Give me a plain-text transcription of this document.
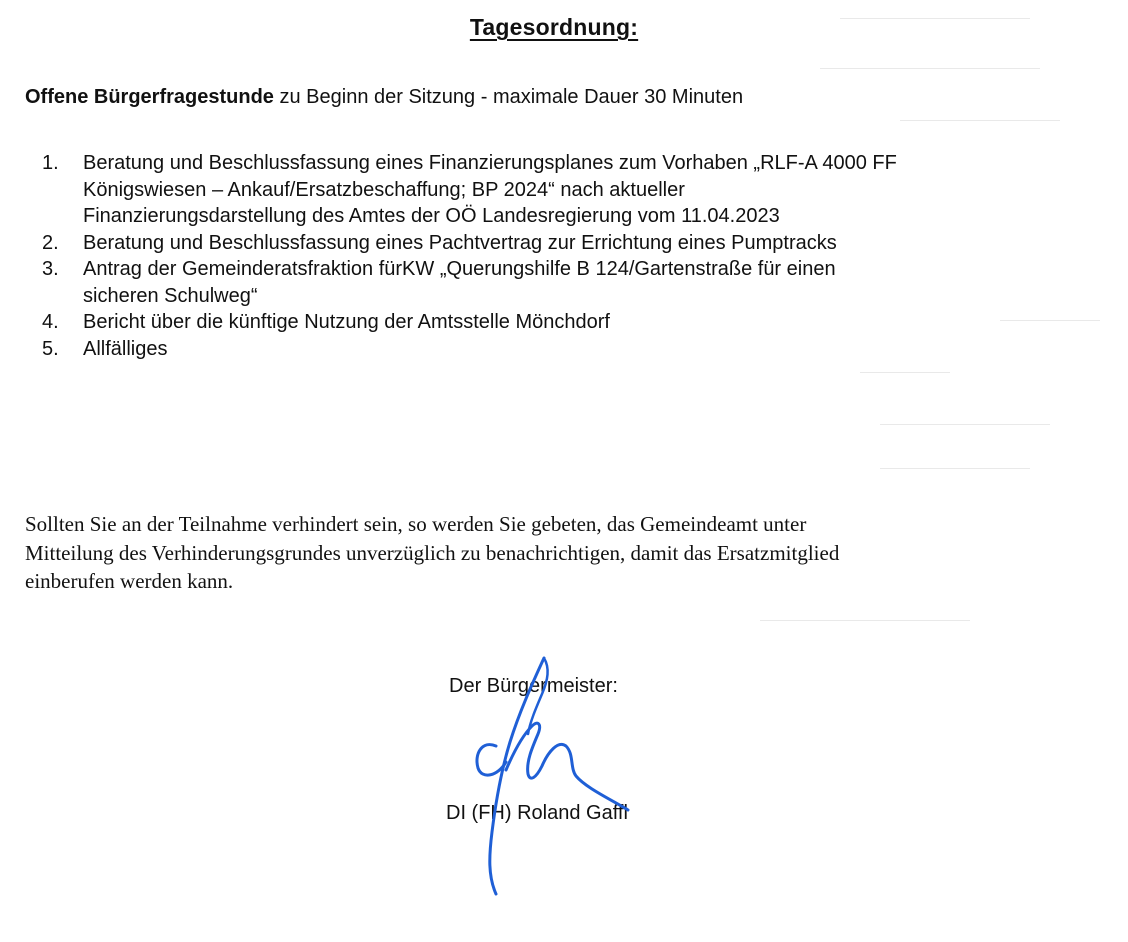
Tagesordnung:
Offene Bürgerfragestunde zu Beginn der Sitzung - maximale Dauer 30 Minuten
1. Beratung und Beschlussfassung eines Finanzierungsplanes zum Vorhaben „RLF-A 4000 FF
Königswiesen – Ankauf/Ersatzbeschaffung; BP 2024“ nach aktueller
Finanzierungsdarstellung des Amtes der OÖ Landesregierung vom 11.04.2023
2. Beratung und Beschlussfassung eines Pachtvertrag zur Errichtung eines Pumptracks
3. Antrag der Gemeinderatsfraktion fürKW „Querungshilfe B 124/Gartenstraße für einen
sicheren Schulweg“
4. Bericht über die künftige Nutzung der Amtsstelle Mönchdorf
5. Allfälliges
Sollten Sie an der Teilnahme verhindert sein, so werden Sie gebeten, das Gemeindeamt unter
Mitteilung des Verhinderungsgrundes unverzüglich zu benachrichtigen, damit das Ersatzmitglied
einberufen werden kann.
Der Bürgermeister:
DI (FH) Roland Gaffl
